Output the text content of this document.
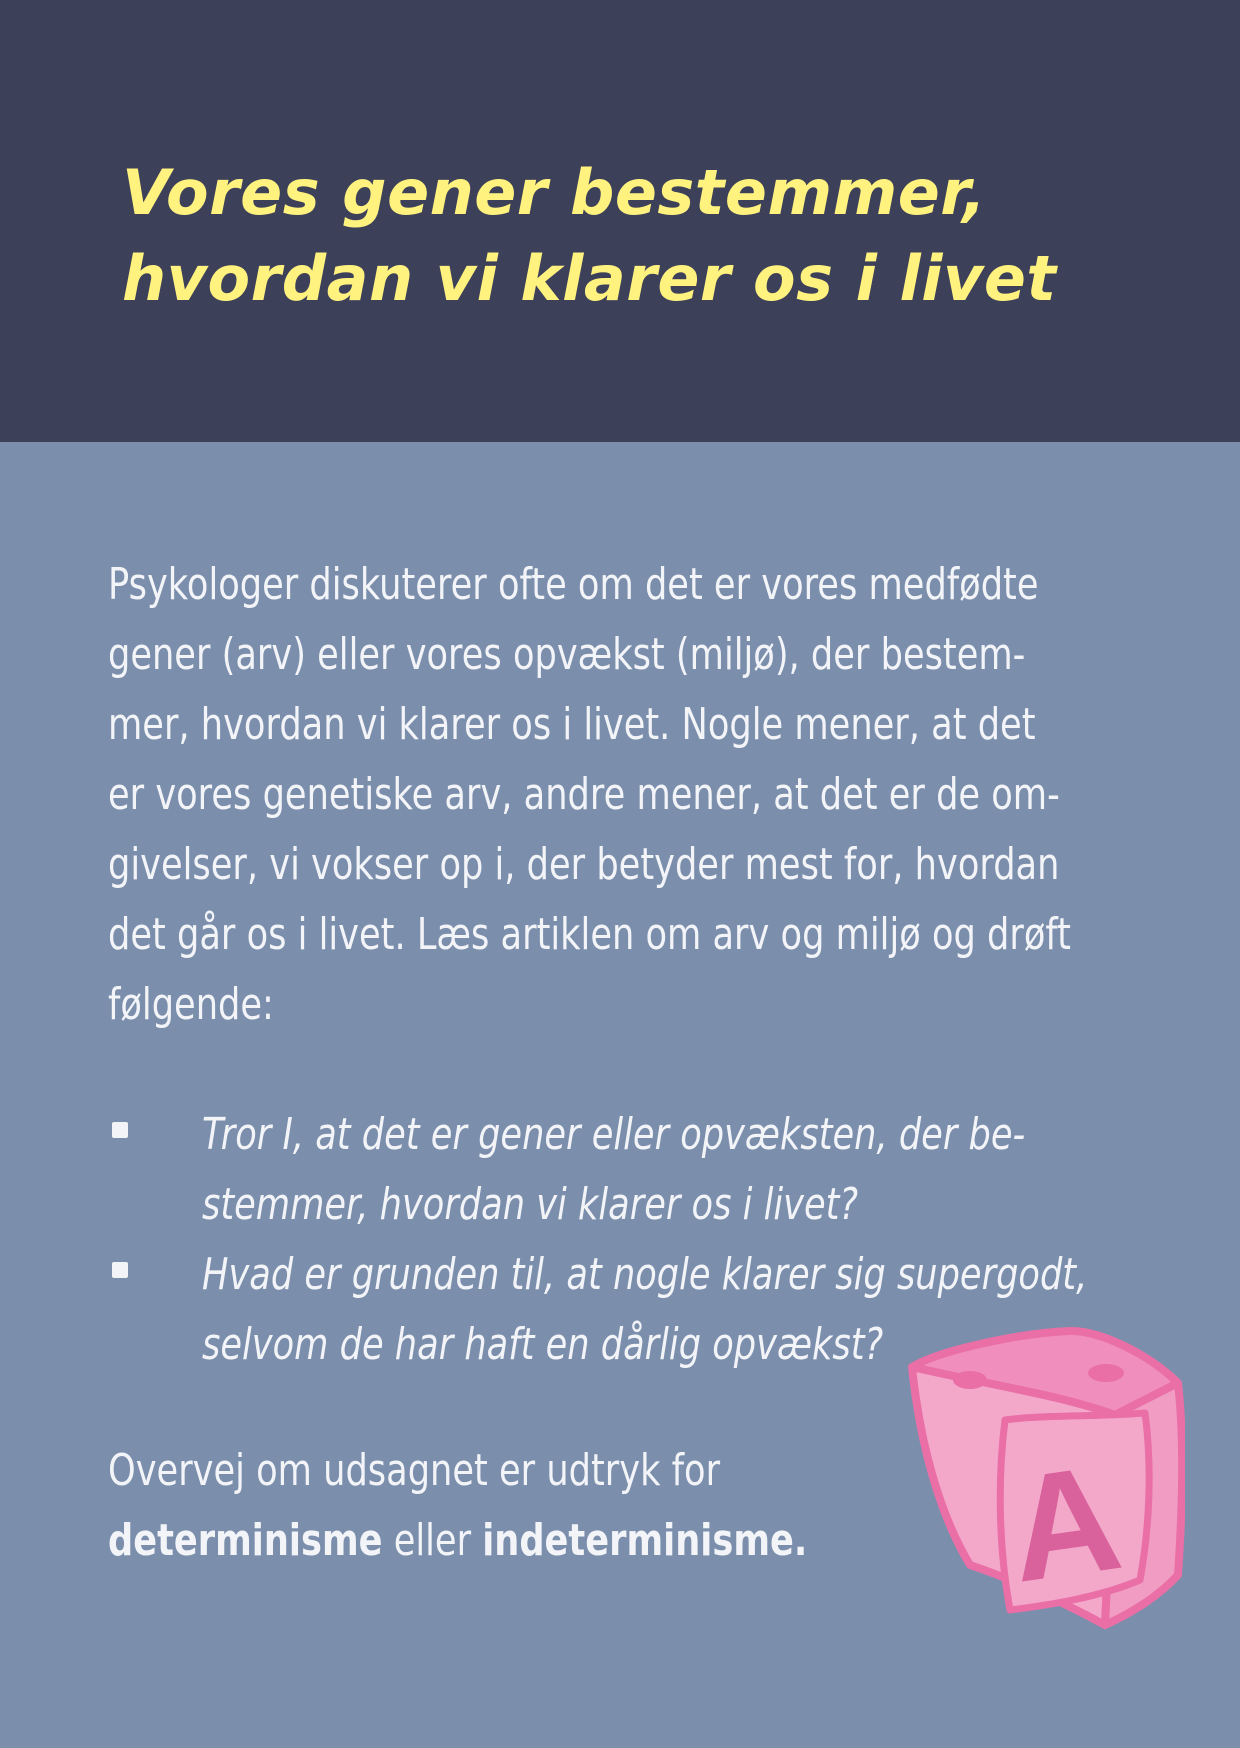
Vores gener bestemmer,
hvordan vi klarer os i livet
Psykologer diskuterer ofte om det er vores medfødte
gener (arv) eller vores opvækst (miljø), der bestem-
mer, hvordan vi klarer os i livet. Nogle mener, at det
er vores genetiske arv, andre mener, at det er de om-
givelser, vi vokser op i, der betyder mest for, hvordan
det går os i livet. Læs artiklen om arv og miljø og drøft
følgende:
Tror I, at det er gener eller opvæksten, der be-
stemmer, hvordan vi klarer os i livet?
Hvad er grunden til, at nogle klarer sig supergodt,
selvom de har haft en dårlig opvækst?
Overvej om udsagnet er udtryk for
determinisme eller indeterminisme.	A
